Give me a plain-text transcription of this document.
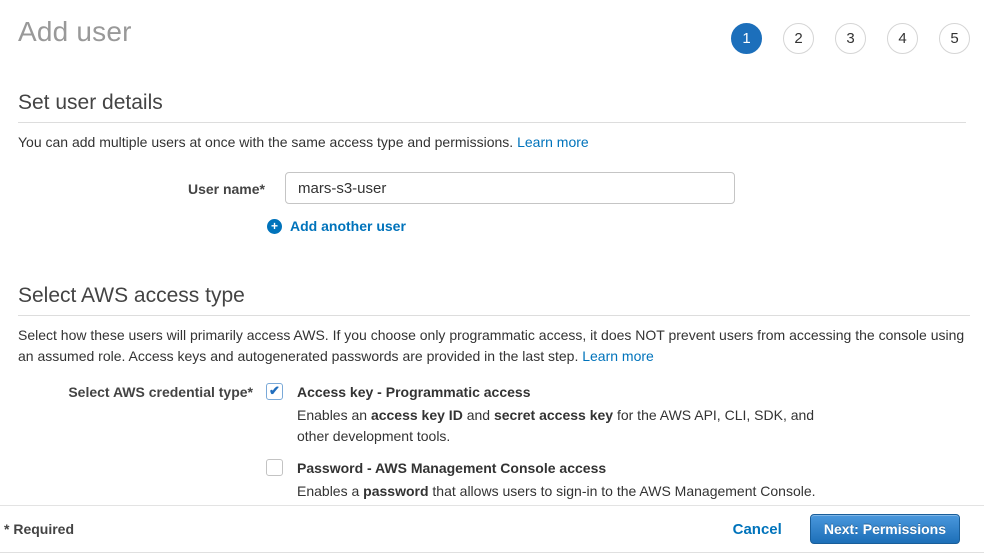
Add user	1	2	3	4	5
Set user details

You can add multiple users at once with the same access type and permissions. Learn more

User name*
mars-s3-user
+ Add another user
Select AWS access type

Select how these users will primarily access AWS. If you choose only programmatic access, it does NOT prevent users from accessing the console using an assumed role. Access keys and autogenerated passwords are provided in the last step. Learn more

Select AWS credential type* ✔	Access key - Programmatic access

Enables an access key ID and secret access key for the AWS API, CLI, SDK, and other development tools.

Password - AWS Management Console access

Enables a password that allows users to sign-in to the AWS Management Console.

* Required	Cancel	Next: Permissions
